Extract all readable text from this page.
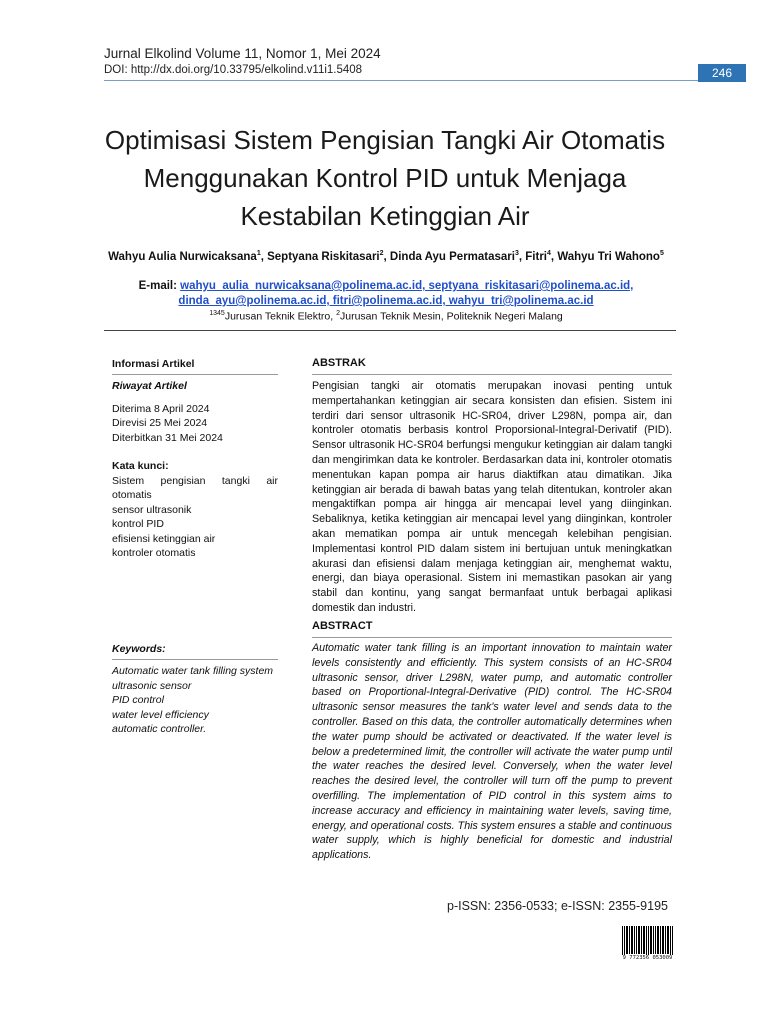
Jurnal Elkolind Volume 11, Nomor 1, Mei 2024
DOI: http://dx.doi.org/10.33795/elkolind.v11i1.5408	246
Optimisasi Sistem Pengisian Tangki Air Otomatis Menggunakan Kontrol PID untuk Menjaga Kestabilan Ketinggian Air
Wahyu Aulia Nurwicaksana$^1$, Septyana Riskitasari$^2$, Dinda Ayu Permatasari$^3$, Fitri$^4$, Wahyu Tri Wahono$^5$
E-mail: wahyu_aulia_nurwicaksana@polinema.ac.id, septyana_riskitasari@polinema.ac.id,
dinda_ayu@polinema.ac.id, fitri@polinema.ac.id, wahyu_tri@polinema.ac.id
$^{1345}$Jurusan Teknik Elektro, $^2$Jurusan Teknik Mesin, Politeknik Negeri Malang
Informasi Artikel
Riwayat Artikel
Diterima 8 April 2024
Direvisi 25 Mei 2024
Diterbitkan 31 Mei 2024
Kata kunci:
Sistem pengisian tangki air otomatis
sensor ultrasonik
kontrol PID
efisiensi ketinggian air
kontroler otomatis
Keywords:
Automatic water tank filling system
ultrasonic sensor
PID control
water level efficiency
automatic controller.
ABSTRAK
Pengisian tangki air otomatis merupakan inovasi penting untuk mempertahankan ketinggian air secara konsisten dan efisien. Sistem ini terdiri dari sensor ultrasonik HC-SR04, driver L298N, pompa air, dan kontroler otomatis berbasis kontrol Proporsional-Integral-Derivatif (PID). Sensor ultrasonik HC-SR04 berfungsi mengukur ketinggian air dalam tangki dan mengirimkan data ke kontroler. Berdasarkan data ini, kontroler otomatis menentukan kapan pompa air harus diaktifkan atau dimatikan. Jika ketinggian air berada di bawah batas yang telah ditentukan, kontroler akan mengaktifkan pompa air hingga air mencapai level yang diinginkan. Sebaliknya, ketika ketinggian air mencapai level yang diinginkan, kontroler akan mematikan pompa air untuk mencegah kelebihan pengisian. Implementasi kontrol PID dalam sistem ini bertujuan untuk meningkatkan akurasi dan efisiensi dalam menjaga ketinggian air, menghemat waktu, energi, dan biaya operasional. Sistem ini memastikan pasokan air yang stabil dan kontinu, yang sangat bermanfaat untuk berbagai aplikasi domestik dan industri.
ABSTRACT
Automatic water tank filling is an important innovation to maintain water levels consistently and efficiently. This system consists of an HC-SR04 ultrasonic sensor, driver L298N, water pump, and automatic controller based on Proportional-Integral-Derivative (PID) control. The HC-SR04 ultrasonic sensor measures the tank's water level and sends data to the controller. Based on this data, the controller automatically determines when the water pump should be activated or deactivated. If the water level is below a predetermined limit, the controller will activate the water pump until the water reaches the desired level. Conversely, when the water level reaches the desired level, the controller will turn off the pump to prevent overfilling. The implementation of PID control in this system aims to increase accuracy and efficiency in maintaining water levels, saving time, energy, and operational costs. This system ensures a stable and continuous water supply, which is highly beneficial for domestic and industrial applications.
p-ISSN: 2356-0533; e-ISSN: 2355-9195
9 772356 053009
